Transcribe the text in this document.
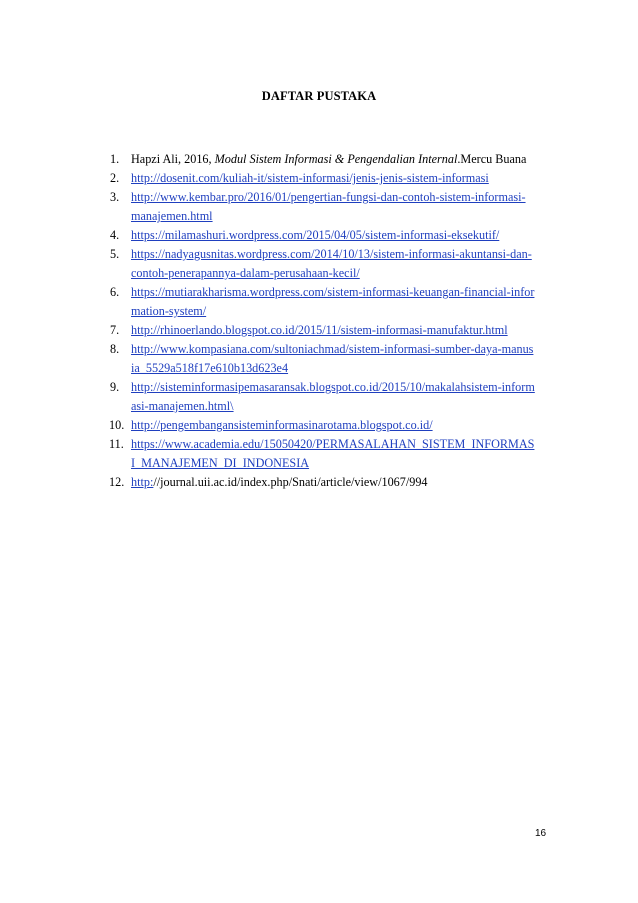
DAFTAR PUSTAKA
1. Hapzi Ali, 2016, Modul Sistem Informasi & Pengendalian Internal.Mercu Buana
2. http://dosenit.com/kuliah-it/sistem-informasi/jenis-jenis-sistem-informasi
3. http://www.kembar.pro/2016/01/pengertian-fungsi-dan-contoh-sistem-informasi-manajemen.html
4. https://milamashuri.wordpress.com/2015/04/05/sistem-informasi-eksekutif/
5. https://nadyagusnitas.wordpress.com/2014/10/13/sistem-informasi-akuntansi-dan-contoh-penerapannya-dalam-perusahaan-kecil/
6. https://mutiarakharisma.wordpress.com/sistem-informasi-keuangan-financial-information-system/
7. http://rhinoerlando.blogspot.co.id/2015/11/sistem-informasi-manufaktur.html
8. http://www.kompasiana.com/sultoniachmad/sistem-informasi-sumber-daya-manusia_5529a518f17e610b13d623e4
9. http://sisteminformasipemasaransak.blogspot.co.id/2015/10/makalahsistem-informasi-manajemen.html\
10. http://pengembangansisteminformasinarotama.blogspot.co.id/
11. https://www.academia.edu/15050420/PERMASALAHAN_SISTEM_INFORMASI_MANAJEMEN_DI_INDONESIA
12. http://journal.uii.ac.id/index.php/Snati/article/view/1067/994
16
